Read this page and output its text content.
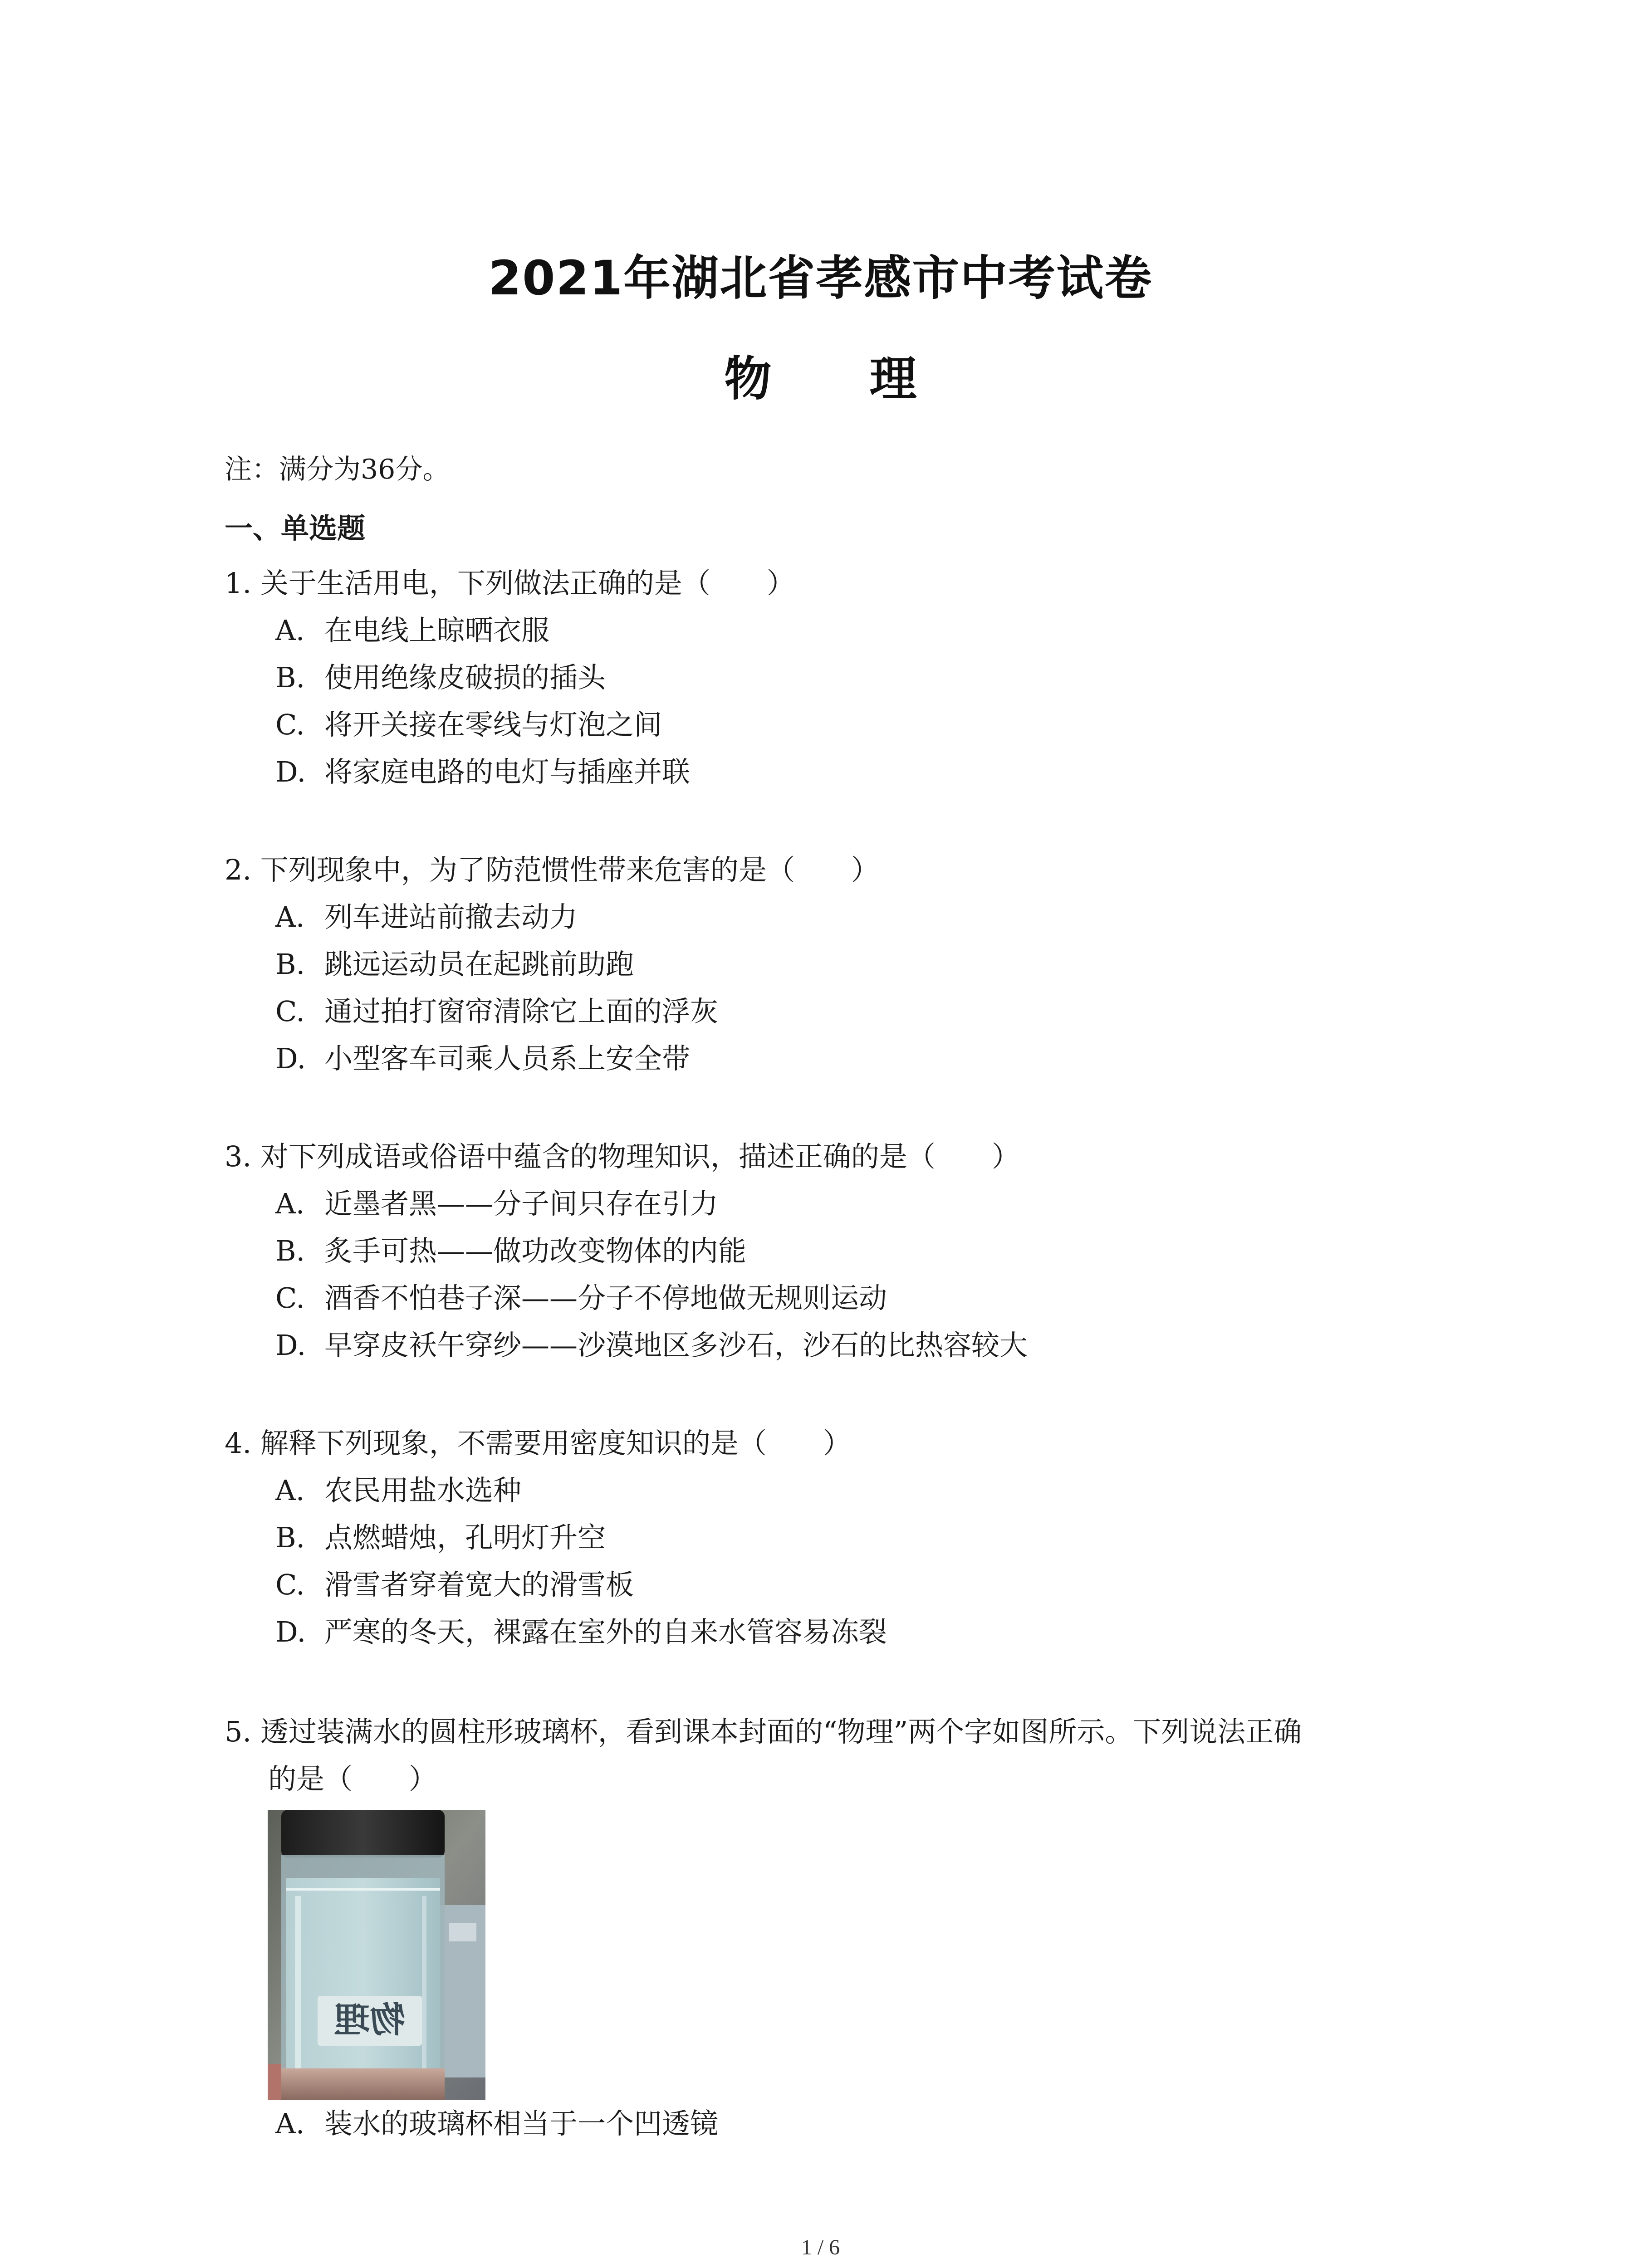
2021年湖北省孝感市中考试卷
物 理
注：满分为36分。
一、单选题
1. 关于生活用电，下列做法正确的是（　　）
A. 在电线上晾晒衣服
B. 使用绝缘皮破损的插头
C. 将开关接在零线与灯泡之间
D. 将家庭电路的电灯与插座并联
2. 下列现象中，为了防范惯性带来危害的是（　　）
A. 列车进站前撤去动力
B. 跳远运动员在起跳前助跑
C. 通过拍打窗帘清除它上面的浮灰
D. 小型客车司乘人员系上安全带
3. 对下列成语或俗语中蕴含的物理知识，描述正确的是（　　）
A. 近墨者黑——分子间只存在引力
B. 炙手可热——做功改变物体的内能
C. 酒香不怕巷子深——分子不停地做无规则运动
D. 早穿皮袄午穿纱——沙漠地区多沙石，沙石的比热容较大
4. 解释下列现象，不需要用密度知识的是（　　）
A. 农民用盐水选种
B. 点燃蜡烛，孔明灯升空
C. 滑雪者穿着宽大的滑雪板
D. 严寒的冬天，裸露在室外的自来水管容易冻裂
5. 透过装满水的圆柱形玻璃杯，看到课本封面的“物理”两个字如图所示。下列说法正确
的是（　　）
物理
A. 装水的玻璃杯相当于一个凹透镜
1 / 6
